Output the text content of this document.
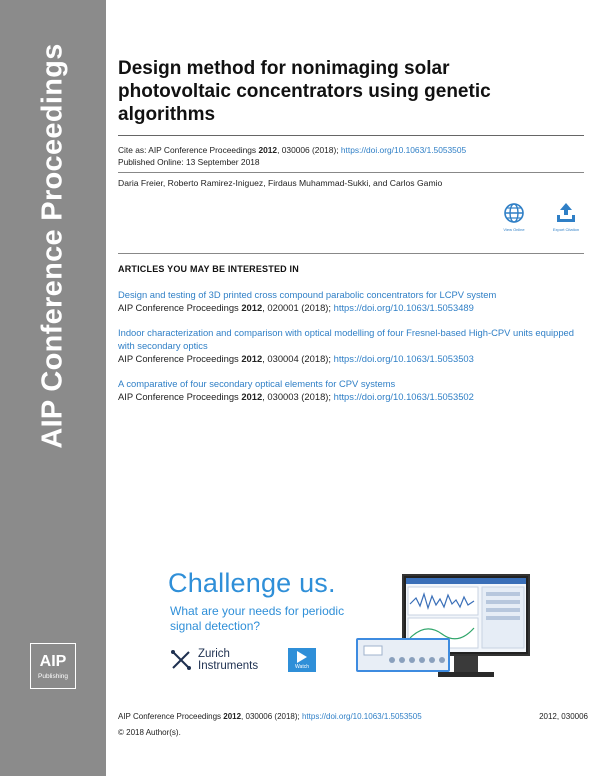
AIP Conference Proceedings
AIP
Publishing
Design method for nonimaging solar photovoltaic concentrators using genetic algorithms
Cite as: AIP Conference Proceedings 2012, 030006 (2018); https://doi.org/10.1063/1.5053505
Published Online: 13 September 2018
Daria Freier, Roberto Ramirez-Iniguez, Firdaus Muhammad-Sukki, and Carlos Gamio
View Online	Export Citation
ARTICLES YOU MAY BE INTERESTED IN
Design and testing of 3D printed cross compound parabolic concentrators for LCPV system
AIP Conference Proceedings 2012, 020001 (2018); https://doi.org/10.1063/1.5053489
Indoor characterization and comparison with optical modelling of four Fresnel-based High-CPV units equipped with secondary optics
AIP Conference Proceedings 2012, 030004 (2018); https://doi.org/10.1063/1.5053503
A comparative of four secondary optical elements for CPV systems
AIP Conference Proceedings 2012, 030003 (2018); https://doi.org/10.1063/1.5053502
Challenge us.
What are your needs for periodic
signal detection?
Zurich
Instruments	Watch
AIP Conference Proceedings 2012, 030006 (2018); https://doi.org/10.1063/1.5053505	2012, 030006
© 2018 Author(s).
